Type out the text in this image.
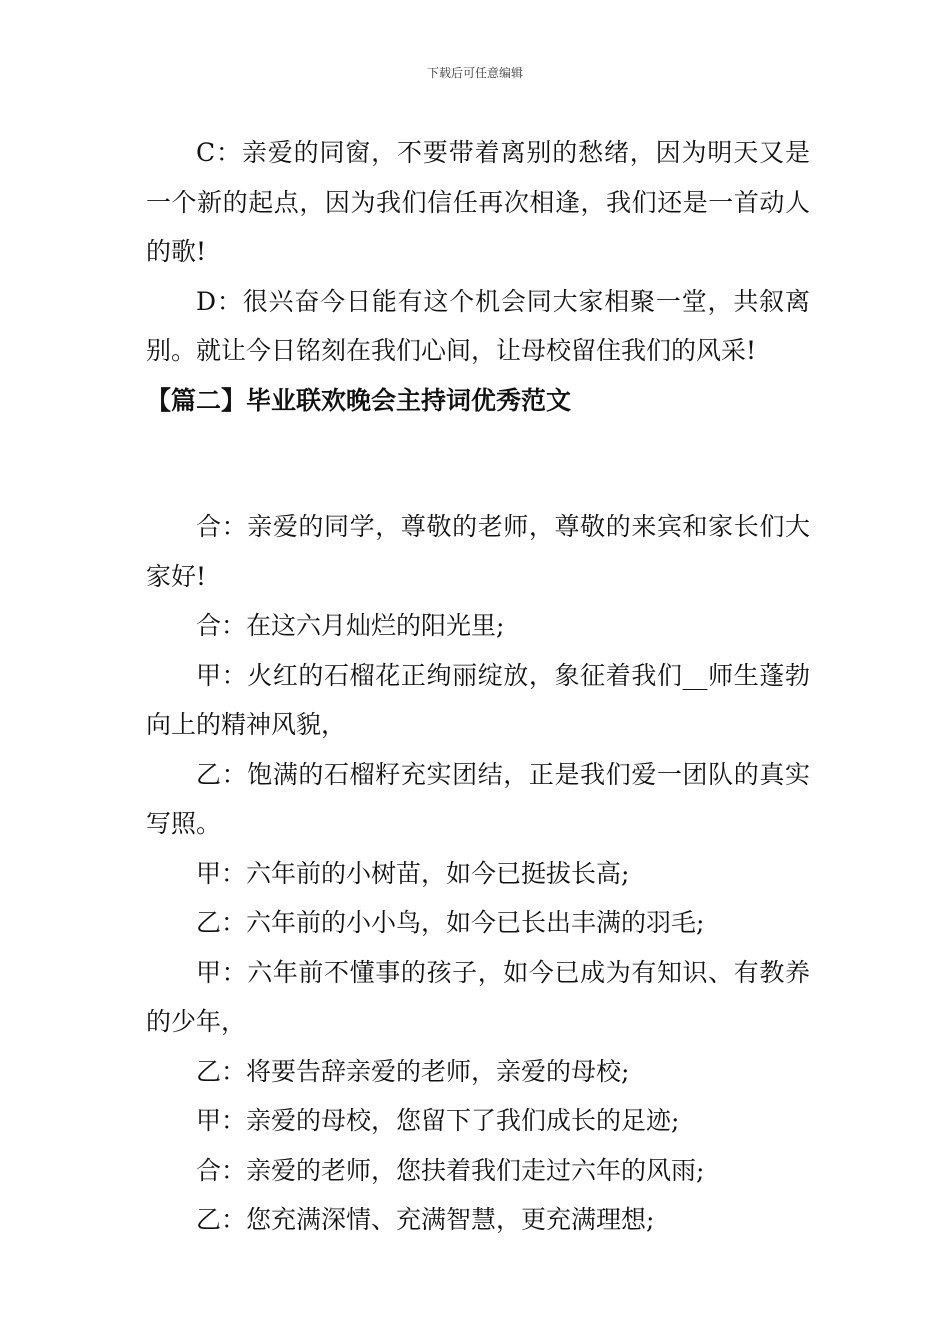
下载后可任意编辑

C：亲爱的同窗，不要带着离别的愁绪，因为明天又是一个新的起点，因为我们信任再次相逢，我们还是一首动人的歌!

D：很兴奋今日能有这个机会同大家相聚一堂，共叙离别。就让今日铭刻在我们心间，让母校留住我们的风采!

【篇二】毕业联欢晚会主持词优秀范文

合：亲爱的同学，尊敬的老师，尊敬的来宾和家长们大家好!

合：在这六月灿烂的阳光里;

甲：火红的石榴花正绚丽绽放，象征着我们__师生蓬勃向上的精神风貌，

乙：饱满的石榴籽充实团结，正是我们爱一团队的真实写照。

甲：六年前的小树苗，如今已挺拔长高;

乙：六年前的小小鸟，如今已长出丰满的羽毛;

甲：六年前不懂事的孩子，如今已成为有知识、有教养的少年，

乙：将要告辞亲爱的老师，亲爱的母校;

甲：亲爱的母校，您留下了我们成长的足迹;

合：亲爱的老师，您扶着我们走过六年的风雨;

乙：您充满深情、充满智慧，更充满理想;
